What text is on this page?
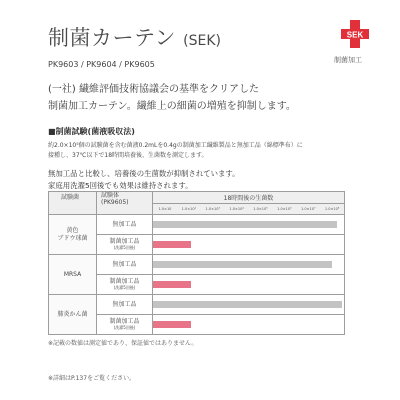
制菌カーテン (SEK)	SEK
制菌加工
PK9603 / PK9604 / PK9605
(一社) 繊維評価技術協議会の基準をクリアした
制菌加工カーテン。繊維上の細菌の増殖を抑制します。
■制菌試験(菌液吸収法)
約2.0×10⁵個の試験菌を含む菌液0.2mLを0.4gの制菌加工繊維製品と無加工品（綿標準布）に
接種し、37℃以下で18時間培養後、生菌数を測定します。
無加工品と比較し、培養後の生菌数が抑制されています。
家庭用洗濯5回後でも効果は維持されます。
試験菌	試験体
(PK9605)	18時間後の生菌数

		1.0×10 1.0×10² 1.0×10³ 1.0×10⁴ 1.0×10⁵ 1.0×10⁶ 1.0×10⁷ 1.0×10⁸

黄色
ブドウ球菌	無加工品	

	制菌加工品
(洗濯5回後)	

MRSA	無加工品	

	制菌加工品
(洗濯5回後)	

肺炎かん菌	無加工品	

	制菌加工品
(洗濯5回後)	

※記載の数値は測定値であり、保証値ではありません。
※詳細はP.137をご覧ください。
